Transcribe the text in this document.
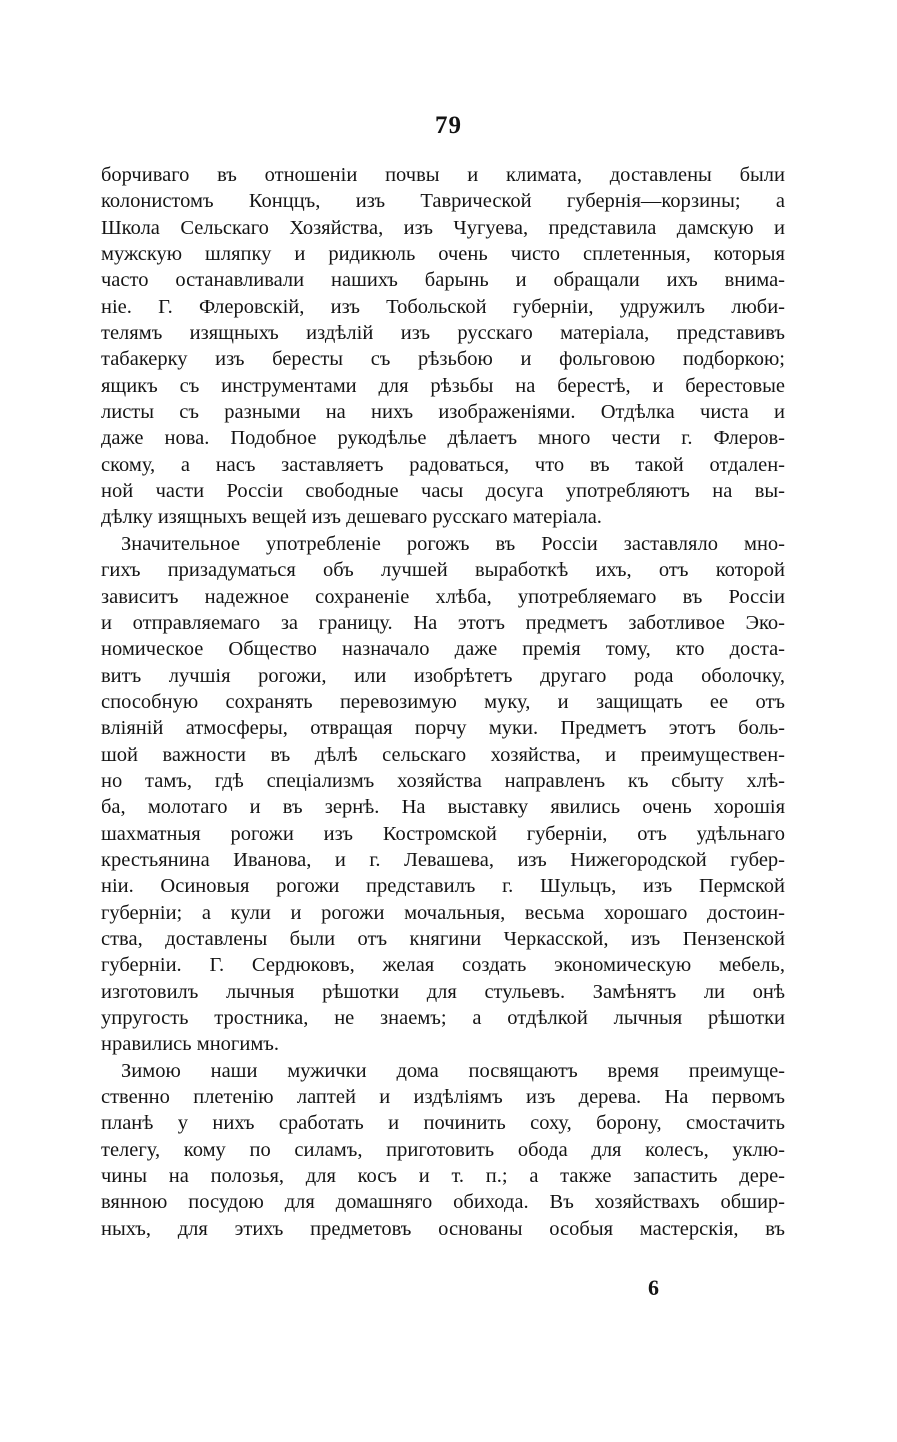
79
борчиваго въ отношеніи почвы и климата, доставлены были
колонистомъ Конццъ, изъ Таврической губернія—корзины; а
Школа Сельскаго Хозяйства, изъ Чугуева, представила дамскую и
мужскую шляпку и ридикюль очень чисто сплетенныя, которыя
часто останавливали нашихъ барынь и обращали ихъ внима-
ніе. Г. Флеровскій, изъ Тобольской губерніи, удружилъ люби-
телямъ изящныхъ издѣлій изъ русскаго матеріала, представивъ
табакерку изъ бересты съ рѣзьбою и фольговою подборкою;
ящикъ съ инструментами для рѣзьбы на берестѣ, и берестовые
листы съ разными на нихъ изображеніями. Отдѣлка чиста и
даже нова. Подобное рукодѣлье дѣлаетъ много чести г. Флеров-
скому, а насъ заставляетъ радоваться, что въ такой отдален-
ной части Россіи свободные часы досуга употребляютъ на вы-
дѣлку изящныхъ вещей изъ дешеваго русскаго матеріала.
Значительное употребленіе рогожъ въ Россіи заставляло мно-
гихъ призадуматься объ лучшей выработкѣ ихъ, отъ которой
зависитъ надежное сохраненіе хлѣба, употребляемаго въ Россіи
и отправляемаго за границу. На этотъ предметъ заботливое Эко-
номическое Общество назначало даже премія тому, кто доста-
витъ лучшія рогожи, или изобрѣтетъ другаго рода оболочку,
способную сохранять перевозимую муку, и защищать ее отъ
вліяній атмосферы, отвращая порчу муки. Предметъ этотъ боль-
шой важности въ дѣлѣ сельскаго хозяйства, и преимуществен-
но тамъ, гдѣ спеціализмъ хозяйства направленъ къ сбыту хлѣ-
ба, молотаго и въ зернѣ. На выставку явились очень хорошія
шахматныя рогожи изъ Костромской губерніи, отъ удѣльнаго
крестьянина Иванова, и г. Левашева, изъ Нижегородской губер-
ніи. Осиновыя рогожи представилъ г. Шульцъ, изъ Пермской
губерніи; а кули и рогожи мочальныя, весьма хорошаго достоин-
ства, доставлены были отъ княгини Черкасской, изъ Пензенской
губерніи. Г. Сердюковъ, желая создать экономическую мебель,
изготовилъ лычныя рѣшотки для стульевъ. Замѣнятъ ли онѣ
упругость тростника, не знаемъ; а отдѣлкой лычныя рѣшотки
нравились многимъ.
Зимою наши мужички дома посвящаютъ время преимуще-
ственно плетенію лаптей и издѣліямъ изъ дерева. На первомъ
планѣ у нихъ сработать и починить соху, борону, смостачить
телегу, кому по силамъ, приготовить обода для колесъ, уклю-
чины на полозья, для косъ и т. п.; а также запастить дере-
вянною посудою для домашняго обихода. Въ хозяйствахъ обшир-
ныхъ, для этихъ предметовъ основаны особыя мастерскія, въ
6
